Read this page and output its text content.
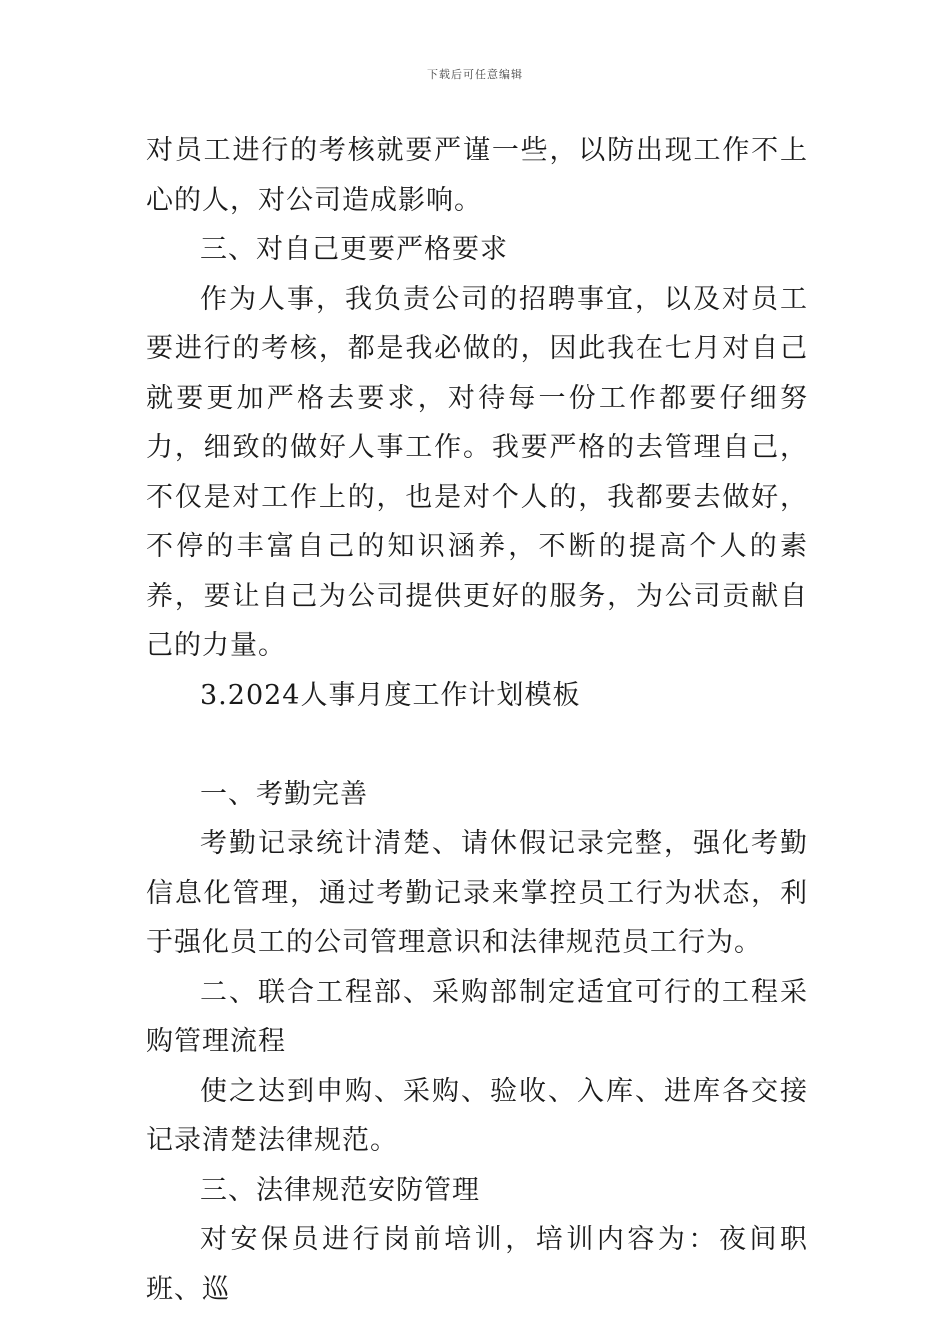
下载后可任意编辑

对员工进行的考核就要严谨一些，以防出现工作不上心的人，对公司造成影响。

三、对自己更要严格要求

作为人事，我负责公司的招聘事宜，以及对员工要进行的考核，都是我必做的，因此我在七月对自己就要更加严格去要求，对待每一份工作都要仔细努力，细致的做好人事工作。我要严格的去管理自己，不仅是对工作上的，也是对个人的，我都要去做好，不停的丰富自己的知识涵养，不断的提高个人的素养，要让自己为公司提供更好的服务，为公司贡献自己的力量。

3.2024人事月度工作计划模板

一、考勤完善

考勤记录统计清楚、请休假记录完整，强化考勤信息化管理，通过考勤记录来掌控员工行为状态，利于强化员工的公司管理意识和法律规范员工行为。

二、联合工程部、采购部制定适宜可行的工程采购管理流程

使之达到申购、采购、验收、入库、进库各交接记录清楚法律规范。

三、法律规范安防管理

对安保员进行岗前培训，培训内容为：夜间职班、巡
